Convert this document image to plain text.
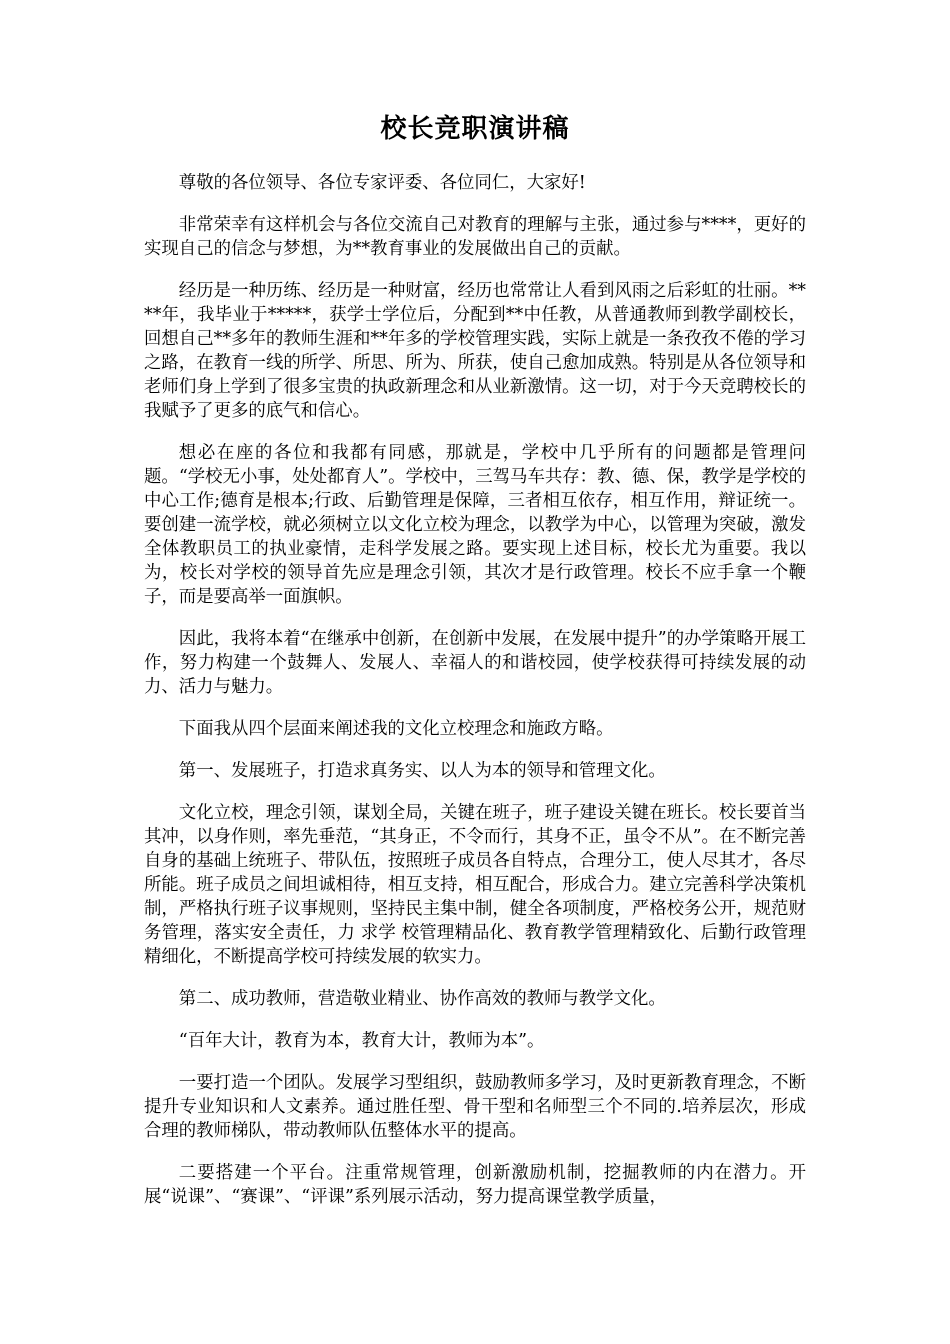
校长竞职演讲稿

尊敬的各位领导、各位专家评委、各位同仁，大家好!

非常荣幸有这样机会与各位交流自己对教育的理解与主张，通过参与****，更好的实现自己的信念与梦想，为**教育事业的发展做出自己的贡献。

经历是一种历练、经历是一种财富，经历也常常让人看到风雨之后彩虹的壮丽。****年，我毕业于*****，获学士学位后，分配到**中任教，从普通教师到教学副校长，回想自己**多年的教师生涯和**年多的学校管理实践，实际上就是一条孜孜不倦的学习之路，在教育一线的所学、所思、所为、所获，使自己愈加成熟。特别是从各位领导和老师们身上学到了很多宝贵的执政新理念和从业新激情。这一切，对于今天竞聘校长的我赋予了更多的底气和信心。

想必在座的各位和我都有同感，那就是，学校中几乎所有的问题都是管理问题。“学校无小事，处处都育人”。学校中，三驾马车共存：教、德、保，教学是学校的中心工作;德育是根本;行政、后勤管理是保障，三者相互依存，相互作用，辩证统一。要创建一流学校，就必须树立以文化立校为理念，以教学为中心，以管理为突破，激发全体教职员工的执业豪情，走科学发展之路。要实现上述目标，校长尤为重要。我以为，校长对学校的领导首先应是理念引领，其次才是行政管理。校长不应手拿一个鞭子，而是要高举一面旗帜。

因此，我将本着“在继承中创新，在创新中发展，在发展中提升”的办学策略开展工作，努力构建一个鼓舞人、发展人、幸福人的和谐校园，使学校获得可持续发展的动力、活力与魅力。

下面我从四个层面来阐述我的文化立校理念和施政方略。

第一、发展班子，打造求真务实、以人为本的领导和管理文化。

文化立校，理念引领，谋划全局，关键在班子，班子建设关键在班长。校长要首当其冲，以身作则，率先垂范，“其身正，不令而行，其身不正，虽令不从”。在不断完善自身的基础上统班子、带队伍，按照班子成员各自特点，合理分工，使人尽其才，各尽所能。班子成员之间坦诚相待，相互支持，相互配合，形成合力。建立完善科学决策机制，严格执行班子议事规则，坚持民主集中制，健全各项制度，严格校务公开，规范财务管理，落实安全责任，力 求学 校管理精品化、教育教学管理精致化、后勤行政管理精细化，不断提高学校可持续发展的软实力。

第二、成功教师，营造敬业精业、协作高效的教师与教学文化。

“百年大计，教育为本，教育大计，教师为本”。

一要打造一个团队。发展学习型组织，鼓励教师多学习，及时更新教育理念，不断提升专业知识和人文素养。通过胜任型、骨干型和名师型三个不同的.培养层次，形成合理的教师梯队，带动教师队伍整体水平的提高。

二要搭建一个平台。注重常规管理，创新激励机制，挖掘教师的内在潜力。开展“说课”、“赛课”、“评课”系列展示活动，努力提高课堂教学质量，
